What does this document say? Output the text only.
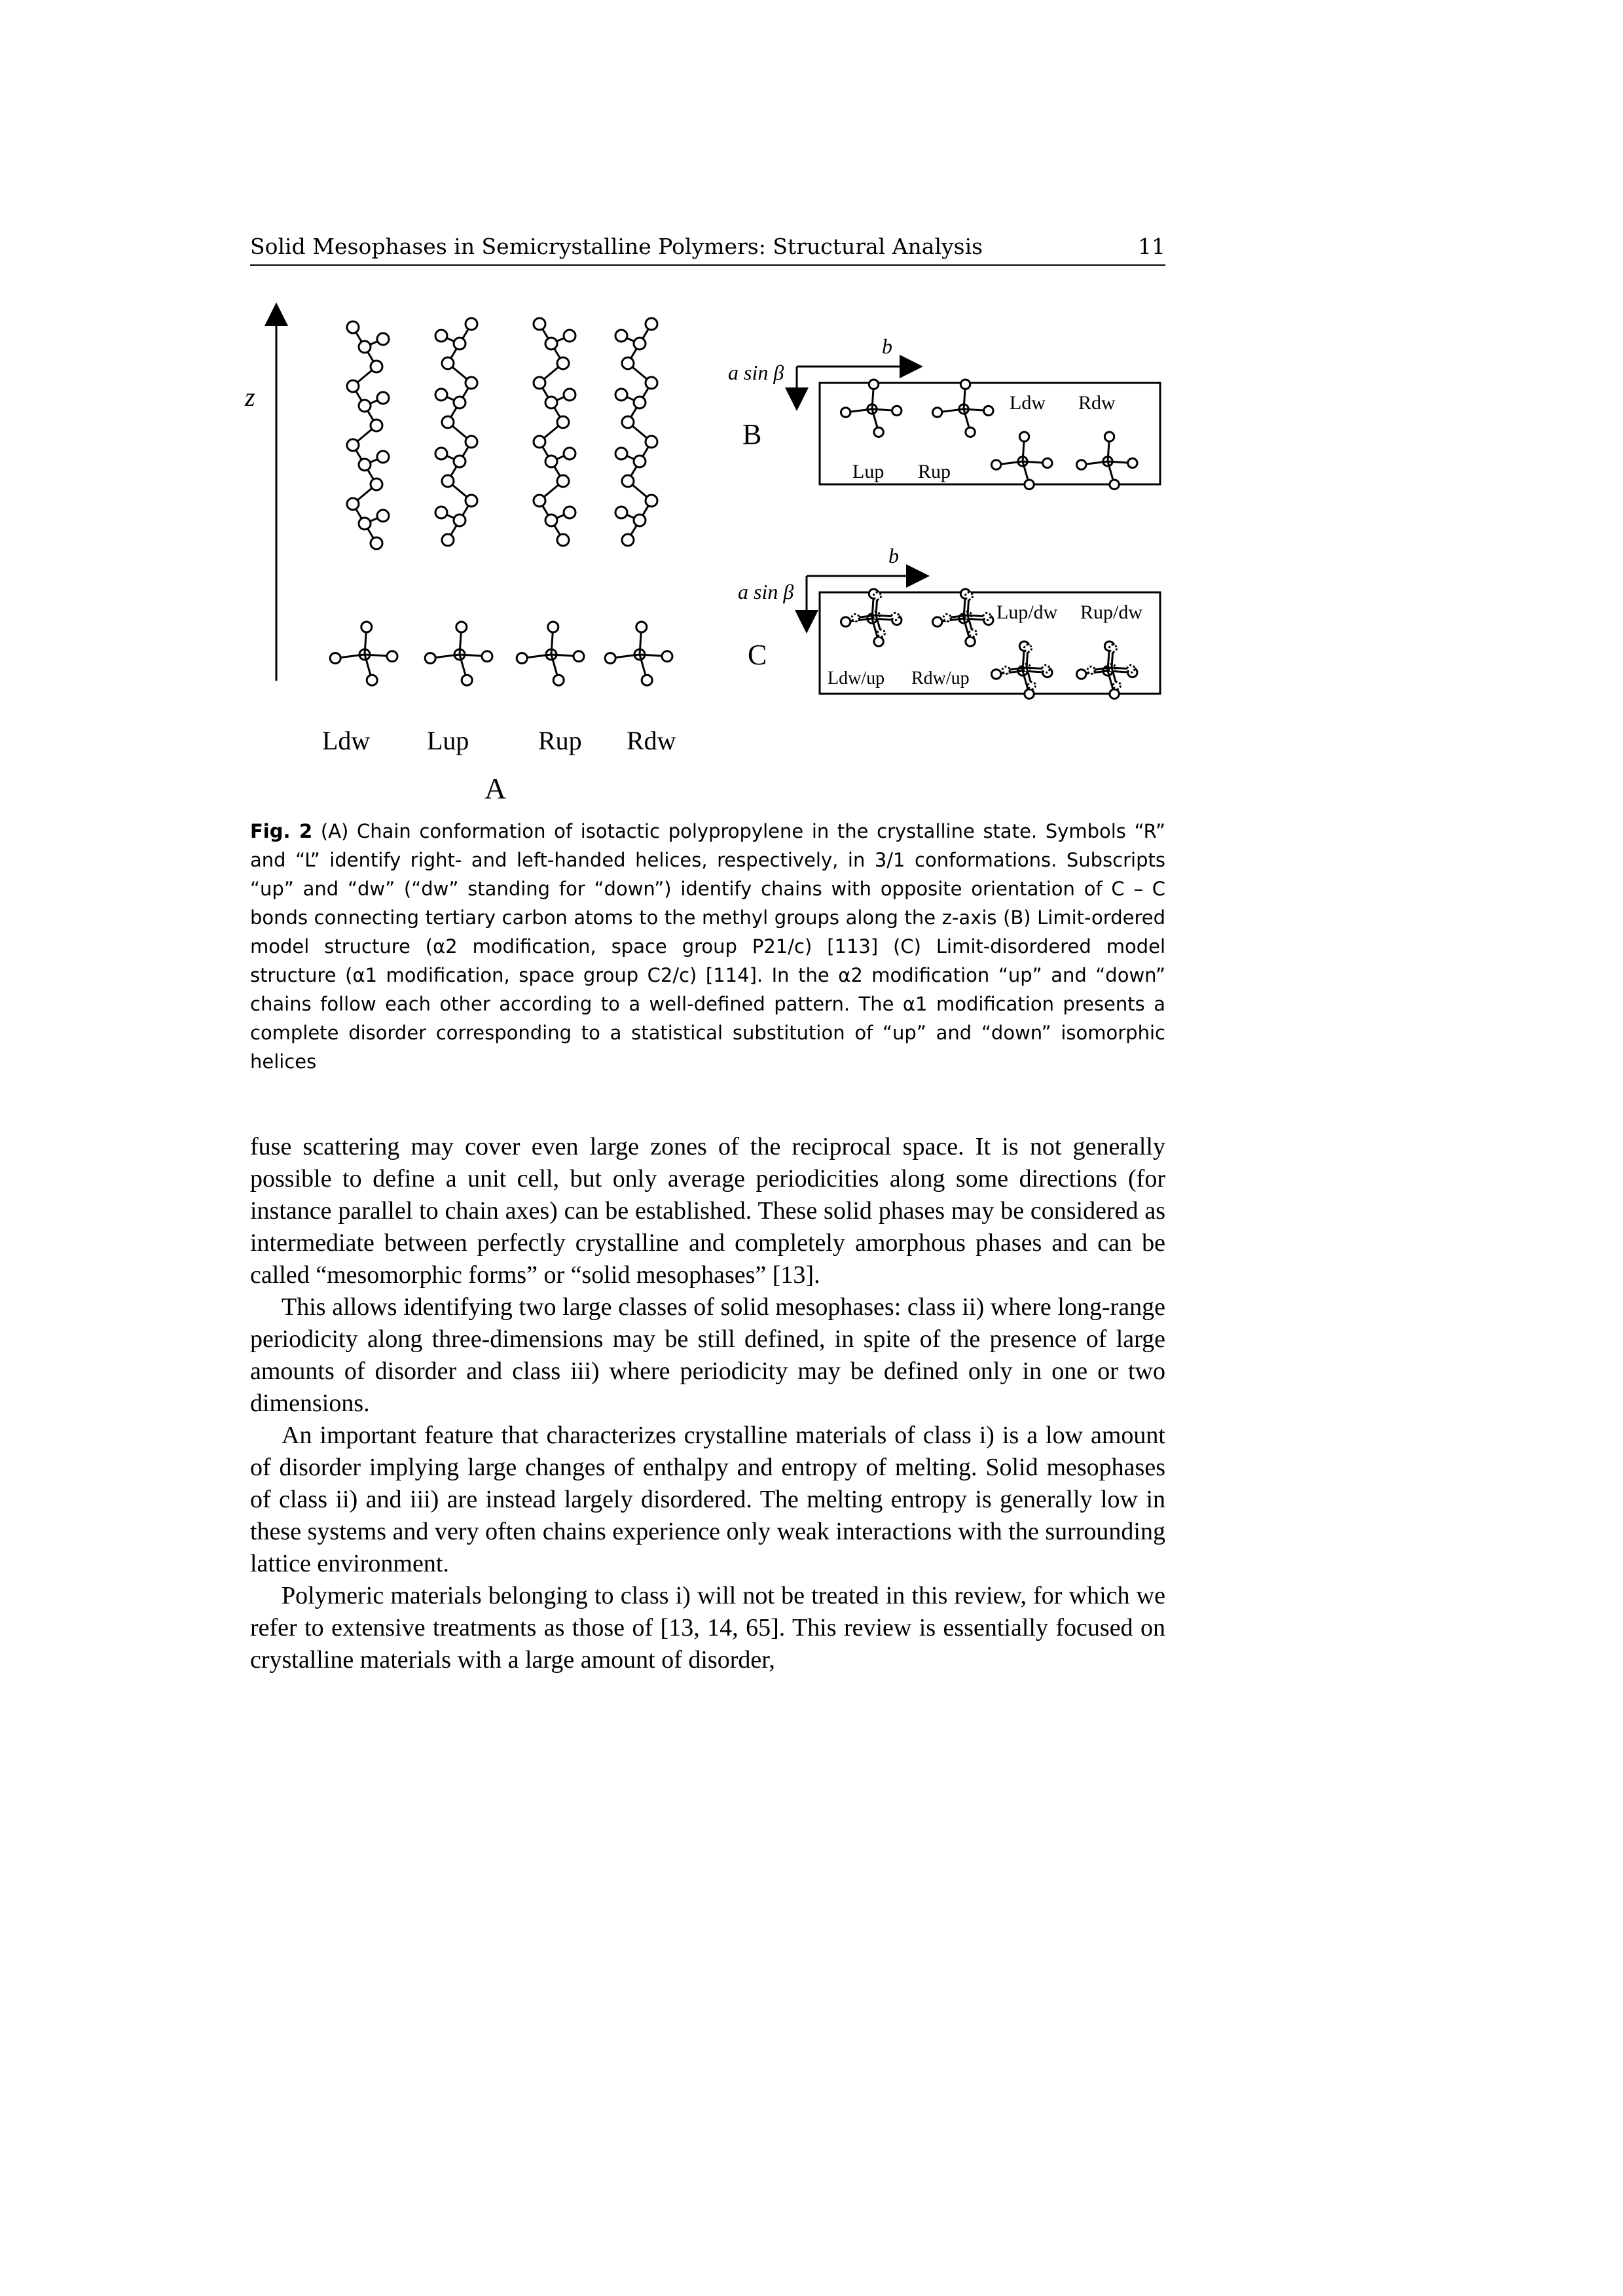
Solid Mesophases in Semicrystalline Polymers: Structural Analysis	11
z
Ldw Lup	Rup Rdw
A
a sin β
b
B
Ldw Rdw
Lup Rup
a sin β
b
C
Lup/dw Rup/dw
Ldw/up Rdw/up
Fig. 2 (A) Chain conformation of isotactic polypropylene in the crystalline state. Symbols “R” and “L” identify right- and left-handed helices, respectively, in 3/1 conformations. Subscripts “up” and “dw” (“dw” standing for “down”) identify chains with opposite orientation of C – C bonds connecting tertiary carbon atoms to the methyl groups along the z-axis (B) Limit-ordered model structure (α2 modification, space group P21/c) [113] (C) Limit-disordered model structure (α1 modification, space group C2/c) [114]. In the α2 modification “up” and “down” chains follow each other according to a well-defined pattern. The α1 modification presents a complete disorder corresponding to a statistical substitution of “up” and “down” isomorphic helices

fuse scattering may cover even large zones of the reciprocal space. It is not generally possible to define a unit cell, but only average periodicities along some directions (for instance parallel to chain axes) can be established. These solid phases may be considered as intermediate between perfectly crystalline and completely amorphous phases and can be called “mesomorphic forms” or “solid mesophases” [13].

This allows identifying two large classes of solid mesophases: class ii) where long-range periodicity along three-dimensions may be still defined, in spite of the presence of large amounts of disorder and class iii) where periodicity may be defined only in one or two dimensions.

An important feature that characterizes crystalline materials of class i) is a low amount of disorder implying large changes of enthalpy and entropy of melting. Solid mesophases of class ii) and iii) are instead largely disordered. The melting entropy is generally low in these systems and very often chains experience only weak interactions with the surrounding lattice environment.

Polymeric materials belonging to class i) will not be treated in this review, for which we refer to extensive treatments as those of [13, 14, 65]. This review is essentially focused on crystalline materials with a large amount of disorder,
